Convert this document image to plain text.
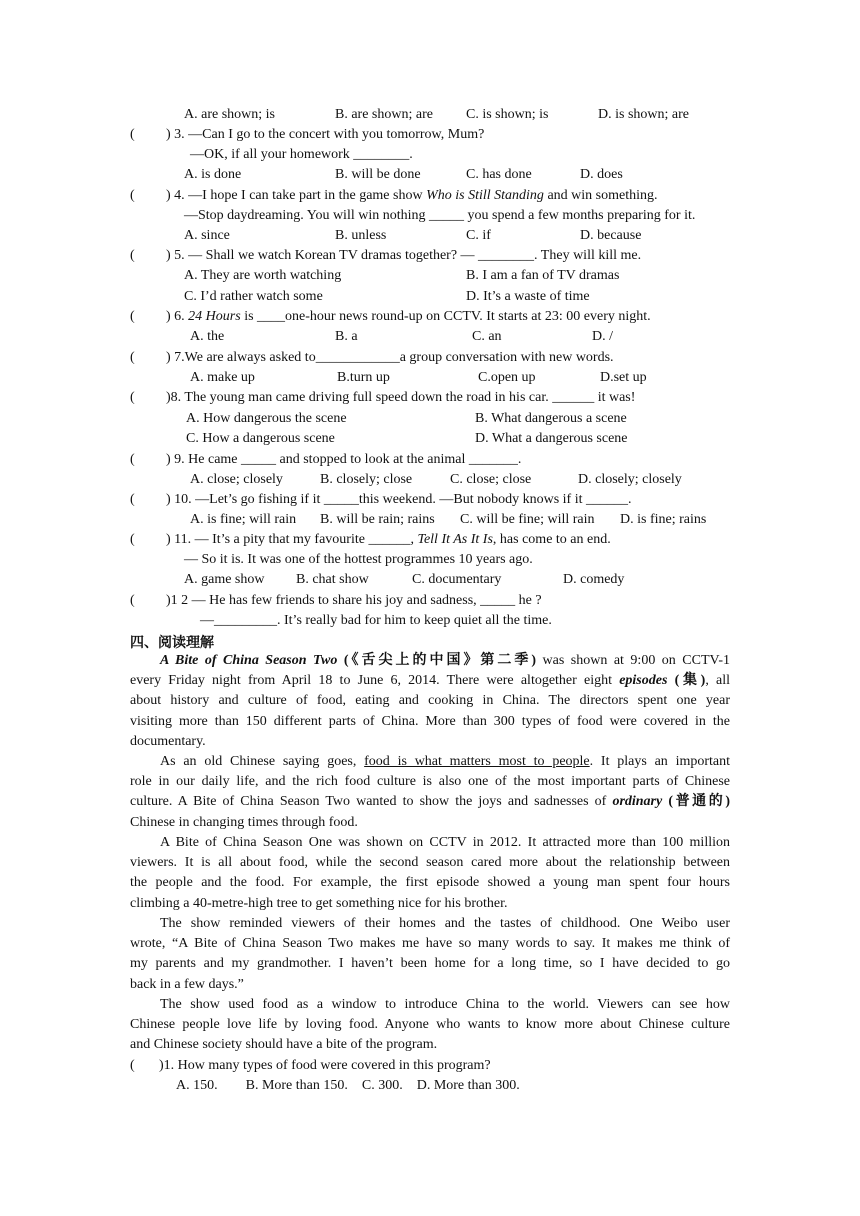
A. are shown; is	B. are shown; are C. is shown; is	D. is shown; are
( ) 3. —Can I go to the concert with you tomorrow, Mum?
—OK, if all your homework ________.
A. is done	B. will be done	C. has done	D. does
( ) 4. —I hope I can take part in the game show Who is Still Standing and win something.
—Stop daydreaming. You will win nothing _____ you spend a few months preparing for it.
A. since	B. unless	C. if	D. because
( ) 5. — Shall we watch Korean TV dramas together? — ________. They will kill me.
A. They are worth watching	B. I am a fan of TV dramas
C. I’d rather watch some	D. It’s a waste of time
( ) 6. 24 Hours is ____one-hour news round-up on CCTV. It starts at 23: 00 every night.
A. the	B. a	C. an	D. /
( ) 7.We are always asked to____________a group conversation with new words.
A. make up	B.turn up	C.open up	D.set up
( )8. The young man came driving full speed down the road in his car. ______ it was!
A. How dangerous the scene	B. What dangerous a scene
C. How a dangerous scene	D. What a dangerous scene
( ) 9. He came _____ and stopped to look at the animal _______.
A. close; closely	B. closely; close	C. close; close	D. closely; closely
( ) 10. —Let’s go fishing if it _____this weekend. —But nobody knows if it ______.
A. is fine; will rain B. will be rain; rains C. will be fine; will rain D. is fine; rains
( ) 11. — It’s a pity that my favourite ______, Tell It As It Is, has come to an end.
— So it is. It was one of the hottest programmes 10 years ago.
A. game show B. chat show	C. documentary	D. comedy
( )1 2 — He has few friends to share his joy and sadness, _____ he ?
—_________. It’s really bad for him to keep quiet all the time.
四、阅读理解
A Bite of China Season Two (《舌尖上的中国》第二季) was shown at 9:00 on CCTV-1
every Friday night from April 18 to June 6, 2014. There were altogether eight episodes (集), all
about history and culture of food, eating and cooking in China. The directors spent one year
visiting more than 150 different parts of China. More than 300 types of food were covered in the
documentary.
As an old Chinese saying goes, food is what matters most to people. It plays an important
role in our daily life, and the rich food culture is also one of the most important parts of Chinese
culture. A Bite of China Season Two wanted to show the joys and sadnesses of ordinary (普通的)
Chinese in changing times through food.
A Bite of China Season One was shown on CCTV in 2012. It attracted more than 100 million
viewers. It is all about food, while the second season cared more about the relationship between
the people and the food. For example, the first episode showed a young man spent four hours
climbing a 40-metre-high tree to get something nice for his brother.
The show reminded viewers of their homes and the tastes of childhood. One Weibo user
wrote, “A Bite of China Season Two makes me have so many words to say. It makes me think of
my parents and my grandmother. I haven’t been home for a long time, so I have decided to go
back in a few days.”
The show used food as a window to introduce China to the world. Viewers can see how
Chinese people love life by loving food. Anyone who wants to know more about Chinese culture
and Chinese society should have a bite of the program.
( )1. How many types of food were covered in this program?
A. 150.        B. More than 150.    C. 300.    D. More than 300.
